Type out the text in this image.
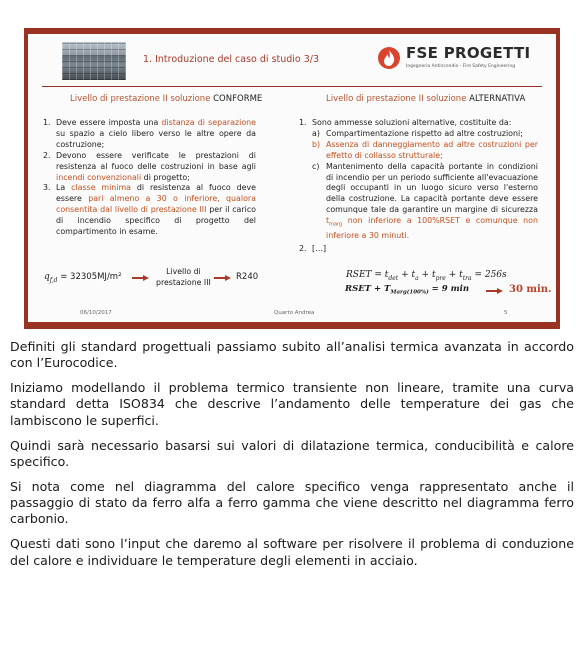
1. Introduzione del caso di studio 3/3	FSE PROGETTI
Ingegneria Antincendio - Fire Safety Engineering
Livello di prestazione II soluzione CONFORME	Livello di prestazione II soluzione ALTERNATIVA
1. Deve essere imposta una distanza di separazione su spazio a cielo libero verso le altre opere da costruzione;
2. Devono essere verificate le prestazioni di resistenza al fuoco delle costruzioni in base agli incendi convenzionali di progetto;
3. La classe minima di resistenza al fuoco deve essere pari almeno a 30 o inferiore, qualora consentita dal livello di prestazione III per il carico di incendio specifico di progetto del compartimento in esame.
1. Sono ammesse soluzioni alternative, costituite da:
a) Compartimentazione rispetto ad altre costruzioni;
b) Assenza di danneggiamento ad altre costruzioni per effetto di collasso strutturale;
c) Mantenimento della capacità portante in condizioni di incendio per un periodo sufficiente all'evacuazione degli occupanti in un luogo sicuro verso l'esterno della costruzione. La capacità portante deve essere comunque tale da garantire un margine di sicurezza $t_{marg}$ non inferiore a 100%RSET e comunque non inferiore a 30 minuti.
2. […]
$q_{f,d} = 32305MJ/m^2$
Livello di
prestazione III
R240	RSET = $t_{det} + t_a + t_{pre} + t_{tra} = 256s$
RSET + $T_{Marg(100\%)} = 9$ min	30 min.
06/10/2017	Quarto Andrea	5

Definiti gli standard progettuali passiamo subito all’analisi termica avanzata in accordo con l’Eurocodice.

Iniziamo modellando il problema termico transiente non lineare, tramite una curva standard detta ISO834 che descrive l’andamento delle temperature dei gas che lambiscono le superfici.

Quindi sarà necessario basarsi sui valori di dilatazione termica, conducibilità e calore specifico.

Si nota come nel diagramma del calore specifico venga rappresentato anche il passaggio di stato da ferro alfa a ferro gamma che viene descritto nel diagramma ferro carbonio.

Questi dati sono l’input che daremo al software per risolvere il problema di conduzione del calore e individuare le temperature degli elementi in acciaio.
